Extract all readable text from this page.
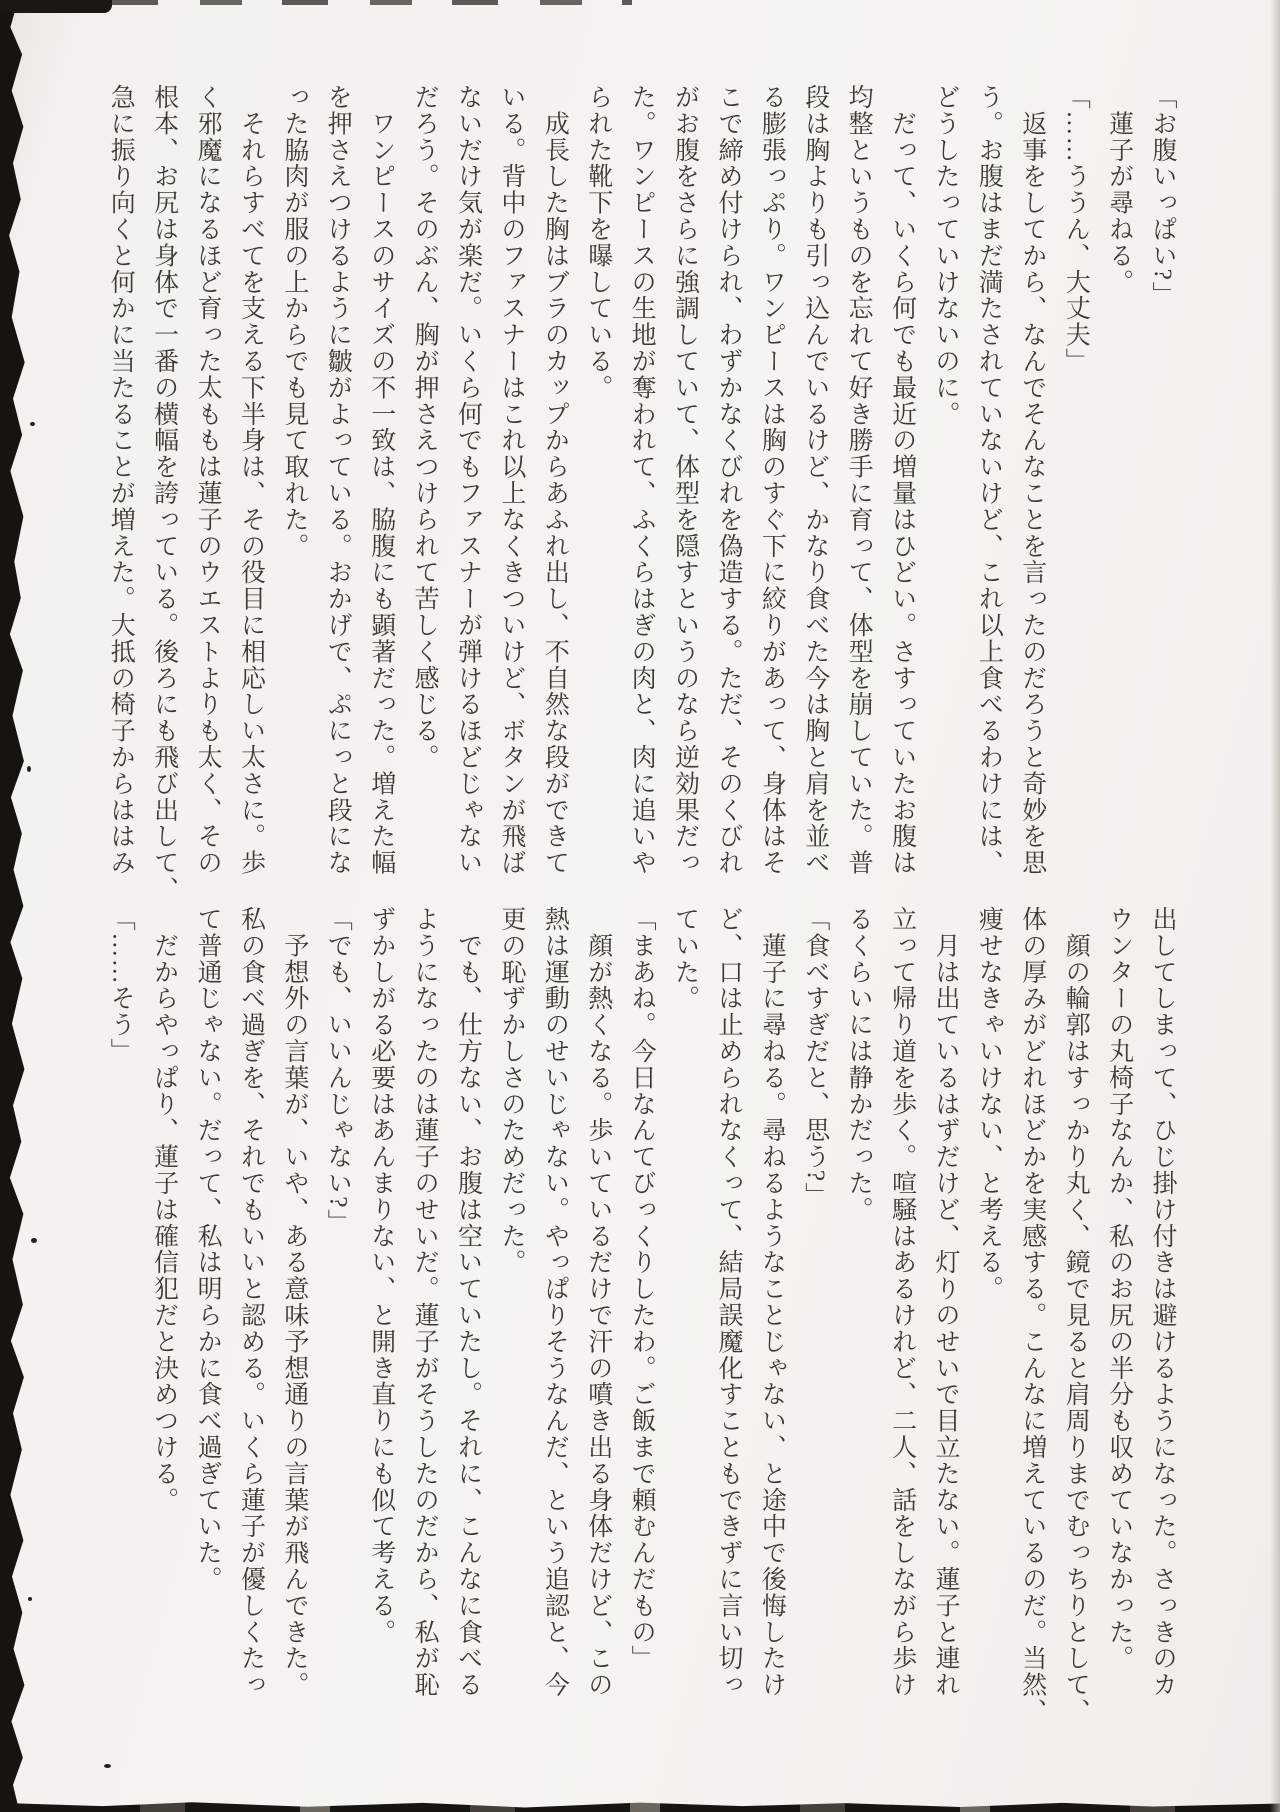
「お腹いっぱい?」
　蓮子が尋ねる。
「……ううん、大丈夫」
　返事をしてから、なんでそんなことを言ったのだろうと奇妙を思
う。お腹はまだ満たされていないけど、これ以上食べるわけには、
どうしたっていけないのに。
　だって、いくら何でも最近の増量はひどい。さすっていたお腹は
均整というものを忘れて好き勝手に育って、体型を崩していた。普
段は胸よりも引っ込んでいるけど、かなり食べた今は胸と肩を並べ
る膨張っぷり。ワンピースは胸のすぐ下に絞りがあって、身体はそ
こで締め付けられ、わずかなくびれを偽造する。ただ、そのくびれ
がお腹をさらに強調していて、体型を隠すというのなら逆効果だっ
た。ワンピースの生地が奪われて、ふくらはぎの肉と、肉に追いや
られた靴下を曝している。
　成長した胸はブラのカップからあふれ出し、不自然な段ができて
いる。背中のファスナーはこれ以上なくきついけど、ボタンが飛ば
ないだけ気が楽だ。いくら何でもファスナーが弾けるほどじゃない
だろう。そのぶん、胸が押さえつけられて苦しく感じる。
　ワンピースのサイズの不一致は、脇腹にも顕著だった。増えた幅
を押さえつけるように皺がよっている。おかげで、ぷにっと段にな
った脇肉が服の上からでも見て取れた。
　それらすべてを支える下半身は、その役目に相応しい太さに。歩
く邪魔になるほど育った太ももは蓮子のウエストよりも太く、その
根本、お尻は身体で一番の横幅を誇っている。後ろにも飛び出して、
急に振り向くと何かに当たることが増えた。大抵の椅子からははみ
出してしまって、ひじ掛け付きは避けるようになった。さっきのカ
ウンターの丸椅子なんか、私のお尻の半分も収めていなかった。
　顔の輪郭はすっかり丸く、鏡で見ると肩周りまでむっちりとして、
体の厚みがどれほどかを実感する。こんなに増えているのだ。当然、
痩せなきゃいけない、と考える。
　月は出ているはずだけど、灯りのせいで目立たない。蓮子と連れ
立って帰り道を歩く。喧騒はあるけれど、二人、話をしながら歩け
るくらいには静かだった。
「食べすぎだと、思う?」
　蓮子に尋ねる。尋ねるようなことじゃない、と途中で後悔したけ
ど、口は止められなくって、結局誤魔化すこともできずに言い切っ
ていた。
「まあね。今日なんてびっくりしたわ。ご飯まで頼むんだもの」
　顔が熱くなる。歩いているだけで汗の噴き出る身体だけど、この
熱は運動のせいじゃない。やっぱりそうなんだ、という追認と、今
更の恥ずかしさのためだった。
　でも、仕方ない、お腹は空いていたし。それに、こんなに食べる
ようになったのは蓮子のせいだ。蓮子がそうしたのだから、私が恥
ずかしがる必要はあんまりない、と開き直りにも似て考える。
「でも、いいんじゃない?」
　予想外の言葉が、いや、ある意味予想通りの言葉が飛んできた。
私の食べ過ぎを、それでもいいと認める。いくら蓮子が優しくたっ
て普通じゃない。だって、私は明らかに食べ過ぎていた。
　だからやっぱり、蓮子は確信犯だと決めつける。
「……そう」
